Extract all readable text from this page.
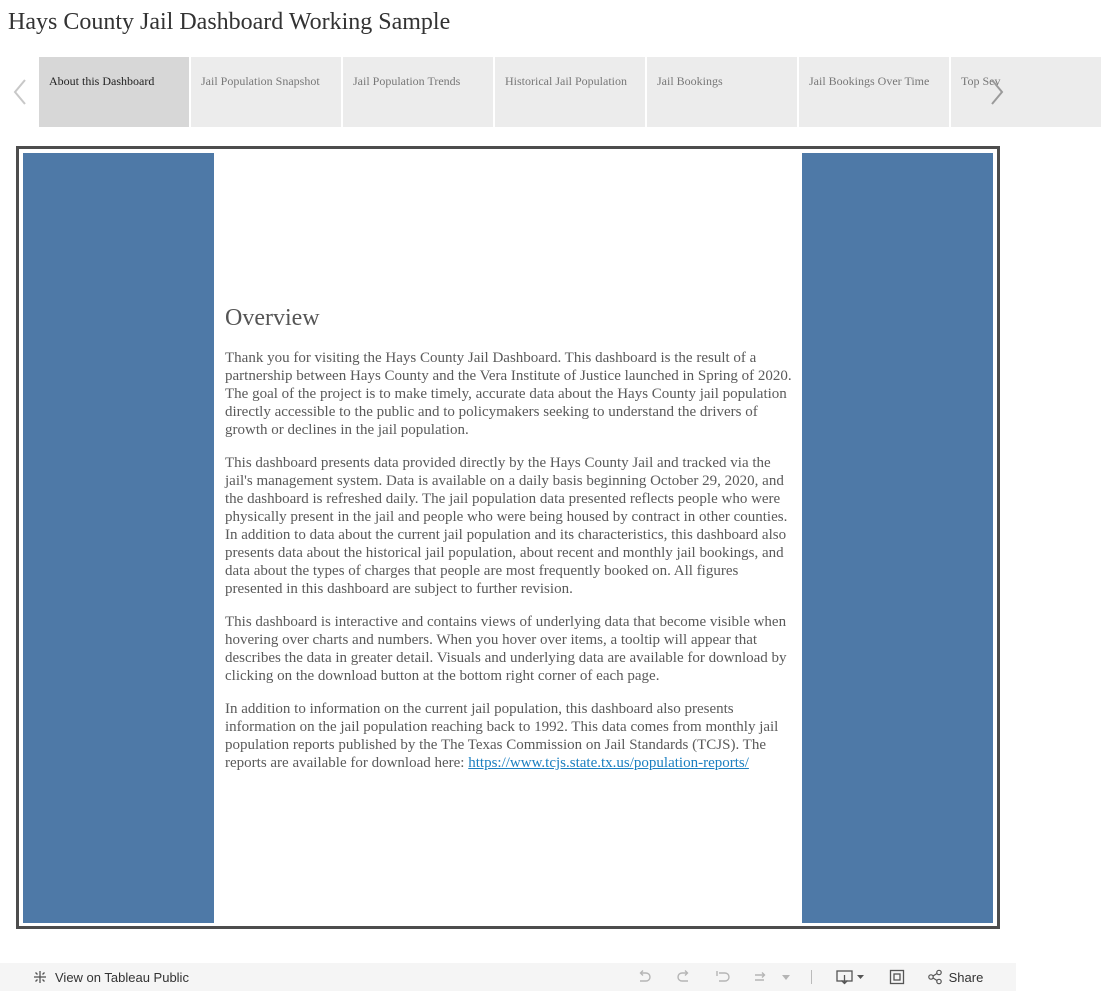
Hays County Jail Dashboard Working Sample
About this Dashboard	Jail Population Snapshot	Jail Population Trends	Historical Jail Population	Jail Bookings	Jail Bookings Over Time	Top Sev
Overview

Thank you for visiting the Hays County Jail Dashboard. This dashboard is the result of a partnership between Hays County and the Vera Institute of Justice launched in Spring of 2020. The goal of the project is to make timely, accurate data about the Hays County jail population directly accessible to the public and to policymakers seeking to understand the drivers of growth or declines in the jail population.

This dashboard presents data provided directly by the Hays County Jail and tracked via the jail's management system. Data is available on a daily basis beginning October 29, 2020, and the dashboard is refreshed daily. The jail population data presented reflects people who were physically present in the jail and people who were being housed by contract in other counties. In addition to data about the current jail population and its characteristics, this dashboard also presents data about the historical jail population, about recent and monthly jail bookings, and data about the types of charges that people are most frequently booked on. All figures presented in this dashboard are subject to further revision.

This dashboard is interactive and contains views of underlying data that become visible when hovering over charts and numbers. When you hover over items, a tooltip will appear that describes the data in greater detail. Visuals and underlying data are available for download by clicking on the download button at the bottom right corner of each page.

In addition to information on the current jail population, this dashboard also presents information on the jail population reaching back to 1992. This data comes from monthly jail population reports published by the The Texas Commission on Jail Standards (TCJS). The reports are available for download here: https://www.tcjs.state.tx.us/population-reports/

View on Tableau Public	Share
